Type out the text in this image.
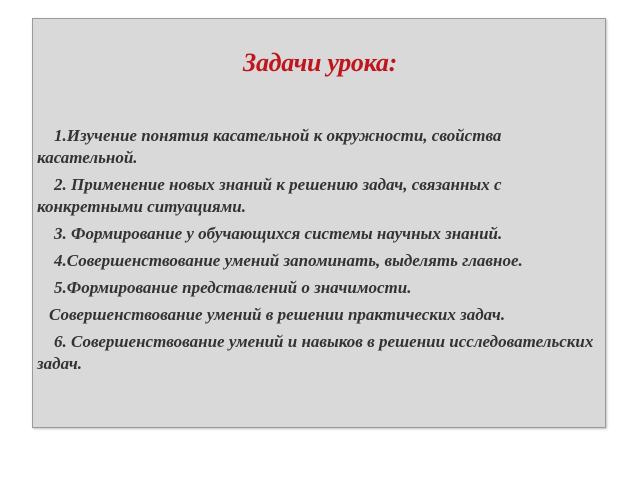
Задачи урока:

1.Изучение понятия касательной к окружности, свойства касательной.

2. Применение новых знаний к решению задач, связанных с конкретными ситуациями.

3. Формирование у обучающихся системы научных знаний.

4.Совершенствование умений запоминать, выделять главное.

5.Формирование представлений о значимости.

Совершенствование умений в решении практических задач.

6. Совершенствование умений и навыков в решении исследовательских задач.
